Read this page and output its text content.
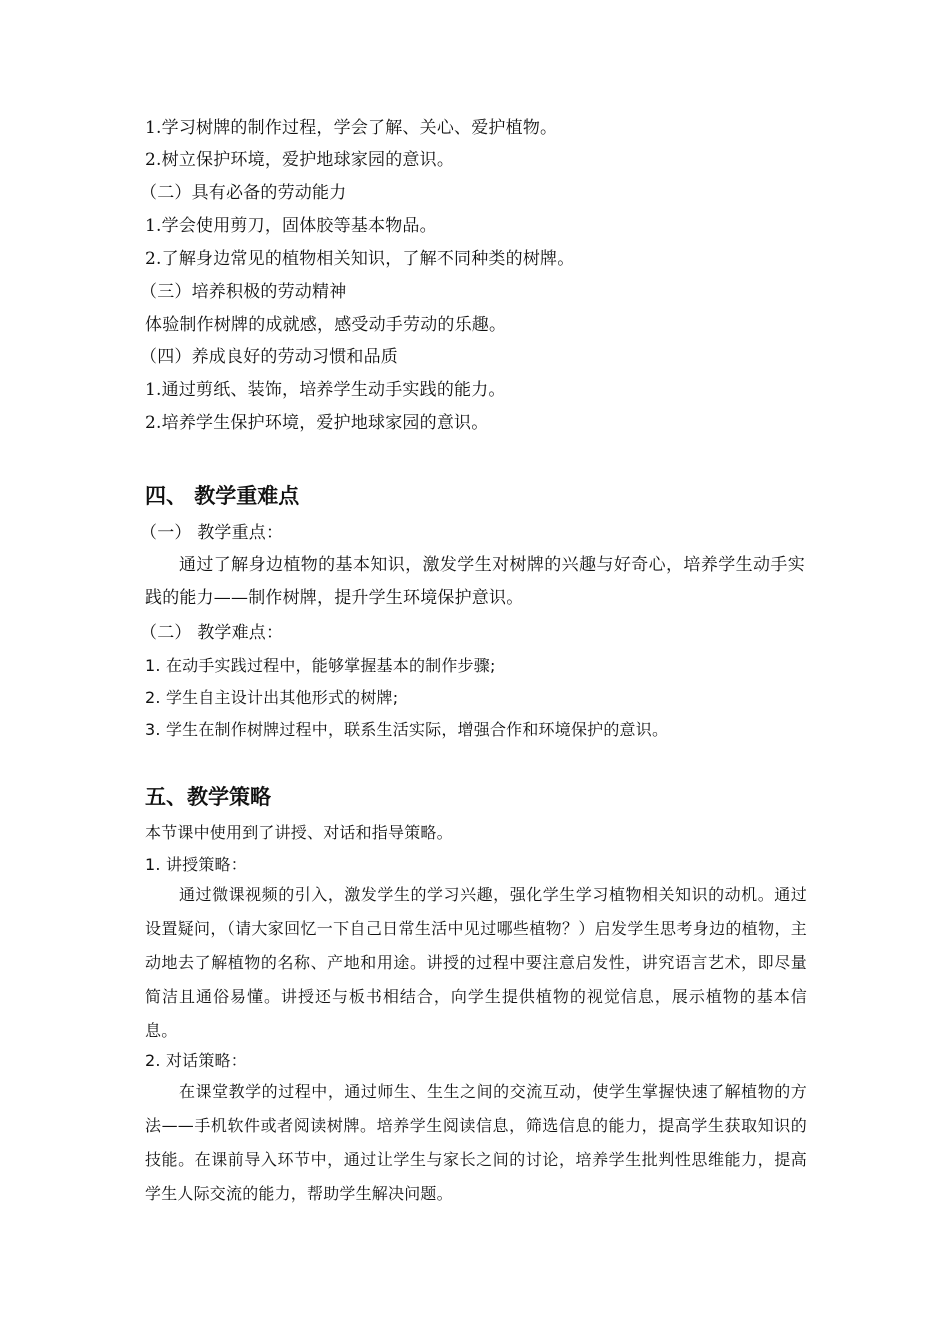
1.学习树牌的制作过程，学会了解、关心、爱护植物。
2.树立保护环境，爱护地球家园的意识。
（二）具有必备的劳动能力
1.学会使用剪刀，固体胶等基本物品。
2.了解身边常见的植物相关知识，了解不同种类的树牌。
（三）培养积极的劳动精神
体验制作树牌的成就感，感受动手劳动的乐趣。
（四）养成良好的劳动习惯和品质
1.通过剪纸、装饰，培养学生动手实践的能力。
2.培养学生保护环境，爱护地球家园的意识。
四、 教学重难点
（一） 教学重点：
通过了解身边植物的基本知识，激发学生对树牌的兴趣与好奇心，培养学生动手实践的能力——制作树牌，提升学生环境保护意识。
（二） 教学难点：
1. 在动手实践过程中，能够掌握基本的制作步骤;
2. 学生自主设计出其他形式的树牌;
3. 学生在制作树牌过程中，联系生活实际，增强合作和环境保护的意识。
五、教学策略
本节课中使用到了讲授、对话和指导策略。
1. 讲授策略：
通过微课视频的引入，激发学生的学习兴趣，强化学生学习植物相关知识的动机。通过设置疑问，（请大家回忆一下自己日常生活中见过哪些植物？）启发学生思考身边的植物，主动地去了解植物的名称、产地和用途。讲授的过程中要注意启发性，讲究语言艺术，即尽量简洁且通俗易懂。讲授还与板书相结合，向学生提供植物的视觉信息，展示植物的基本信息。
2. 对话策略：
在课堂教学的过程中，通过师生、生生之间的交流互动，使学生掌握快速了解植物的方法——手机软件或者阅读树牌。培养学生阅读信息，筛选信息的能力，提高学生获取知识的技能。在课前导入环节中，通过让学生与家长之间的讨论，培养学生批判性思维能力，提高学生人际交流的能力，帮助学生解决问题。
